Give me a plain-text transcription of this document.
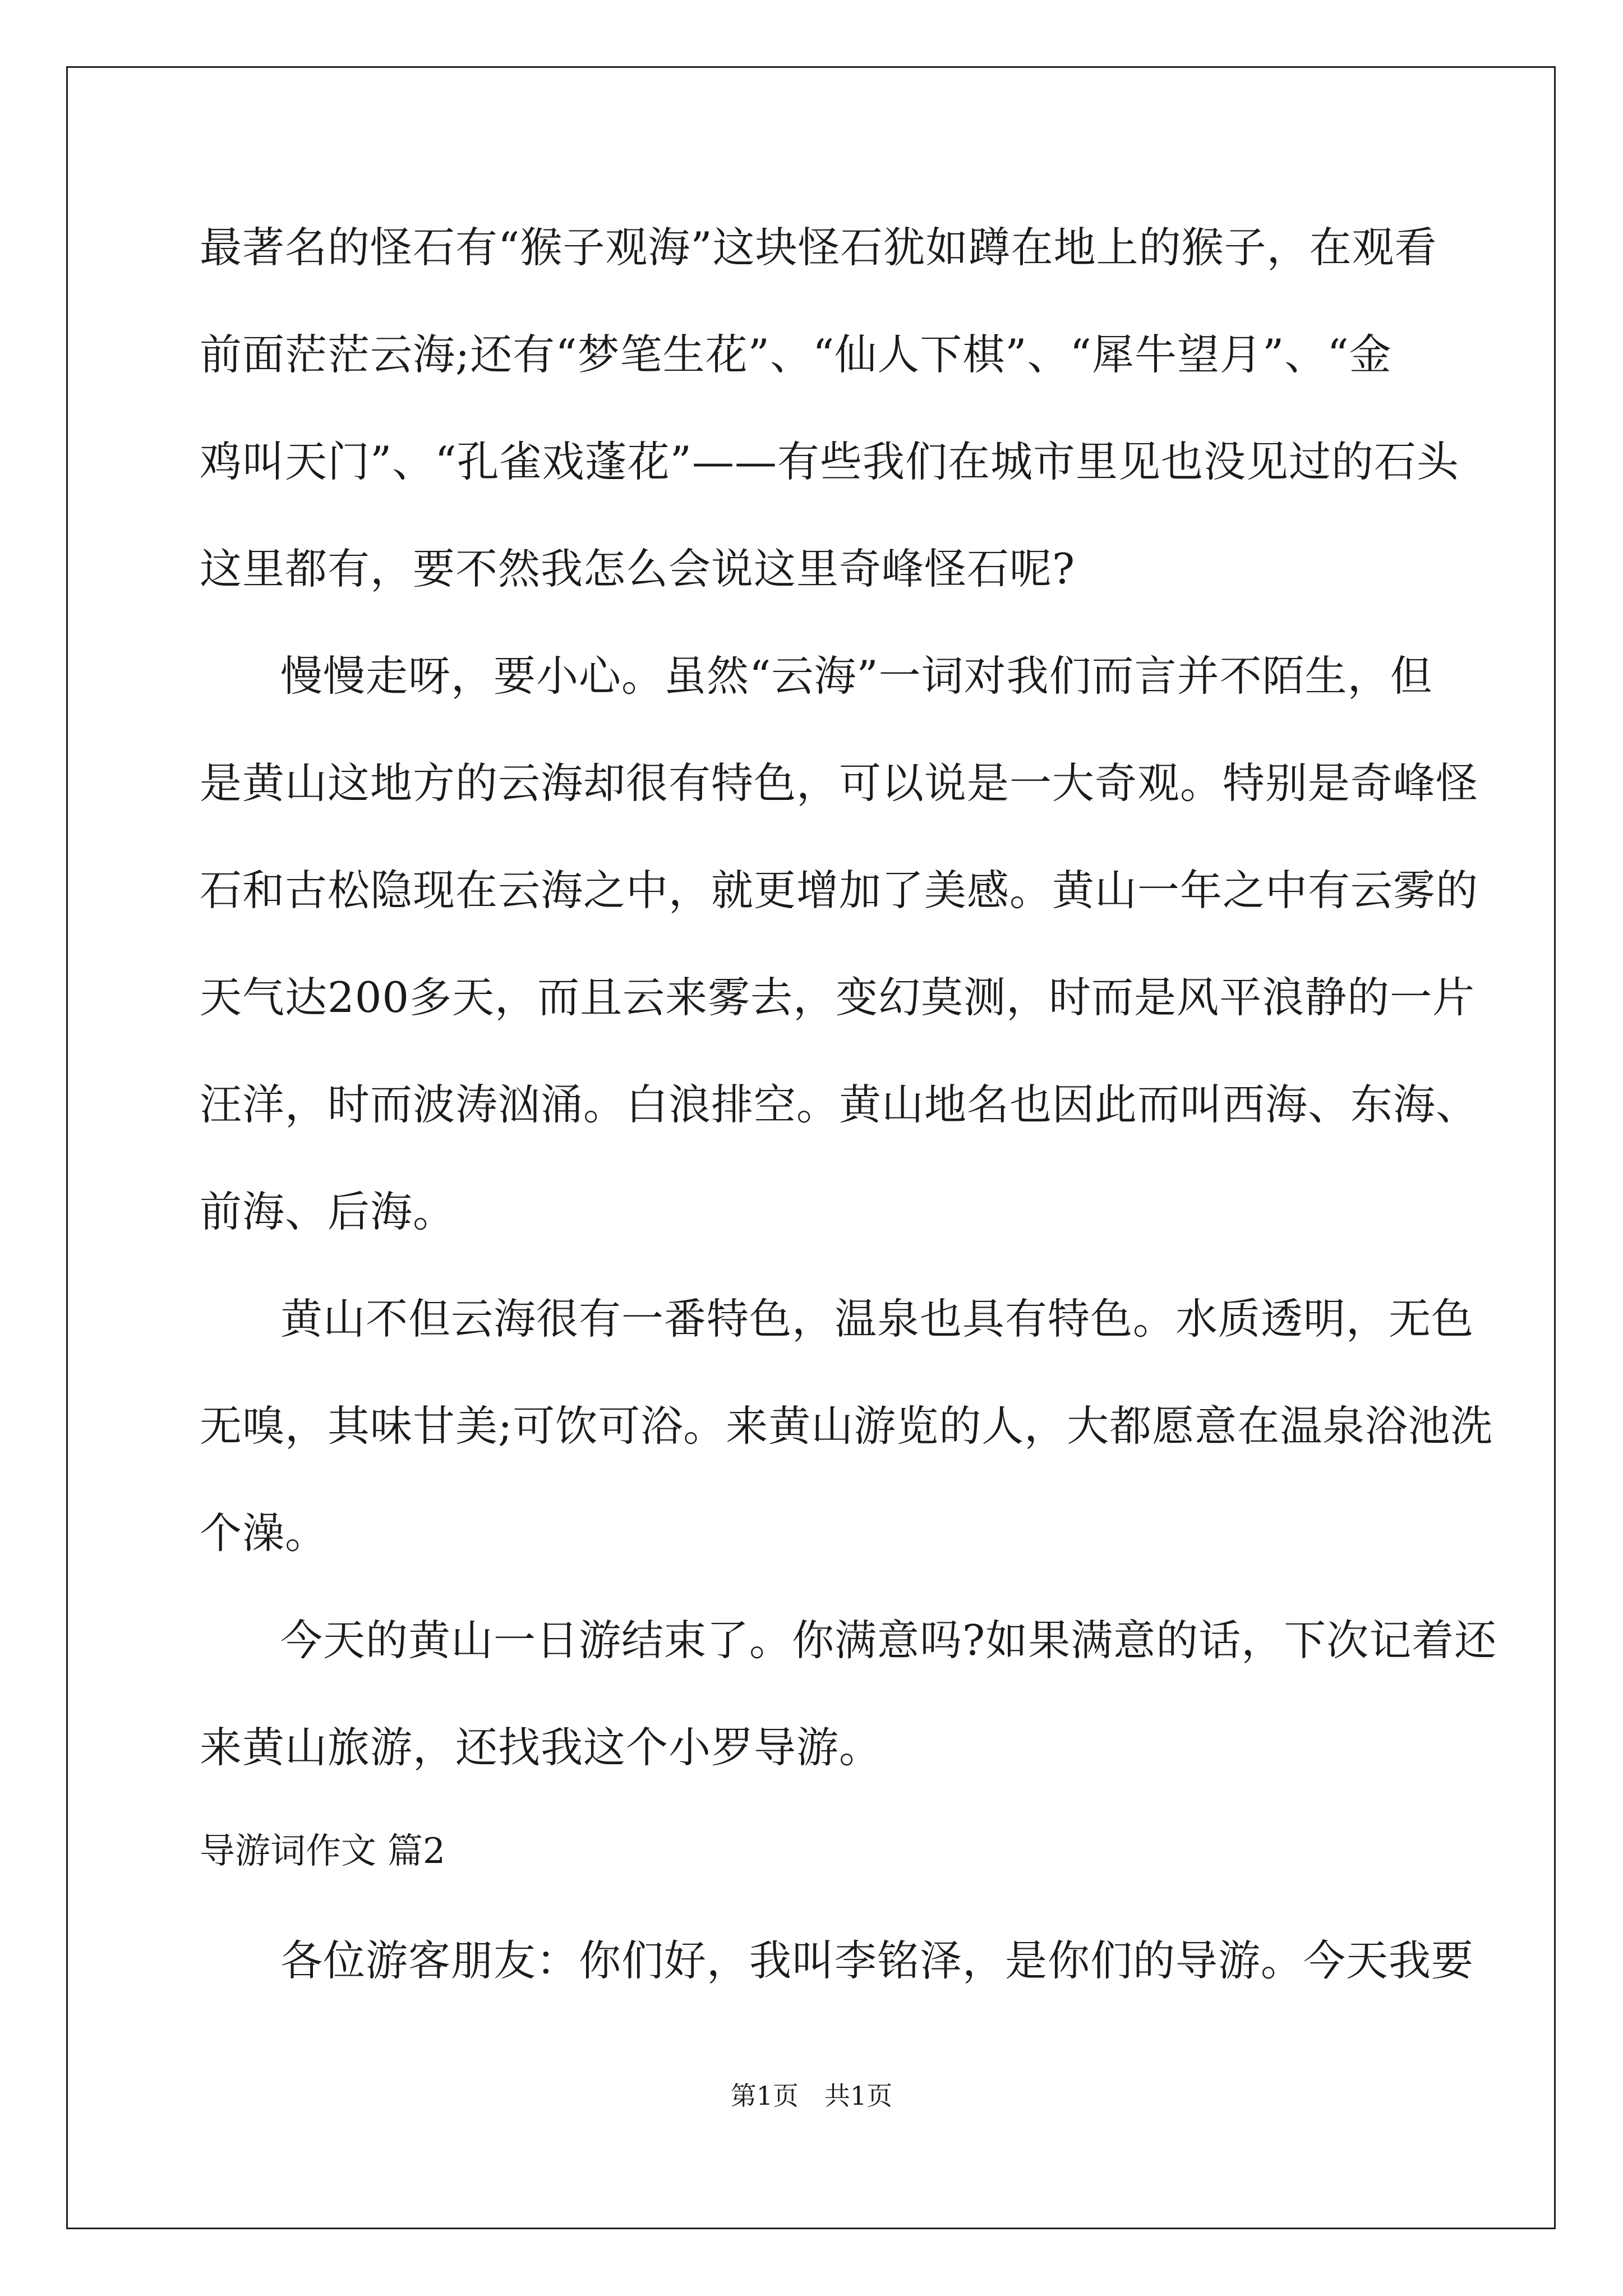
最著名的怪石有“猴子观海”这块怪石犹如蹲在地上的猴子，在观看
前面茫茫云海;还有“梦笔生花”、“仙人下棋”、“犀牛望月”、“金
鸡叫天门”、“孔雀戏蓬花”——有些我们在城市里见也没见过的石头
这里都有，要不然我怎么会说这里奇峰怪石呢?
慢慢走呀，要小心。虽然“云海”一词对我们而言并不陌生，但
是黄山这地方的云海却很有特色，可以说是一大奇观。特别是奇峰怪
石和古松隐现在云海之中，就更增加了美感。黄山一年之中有云雾的
天气达200多天，而且云来雾去，变幻莫测，时而是风平浪静的一片
汪洋，时而波涛汹涌。白浪排空。黄山地名也因此而叫西海、东海、
前海、后海。
黄山不但云海很有一番特色，温泉也具有特色。水质透明，无色
无嗅，其味甘美;可饮可浴。来黄山游览的人，大都愿意在温泉浴池洗
个澡。
今天的黄山一日游结束了。你满意吗?如果满意的话，下次记着还
来黄山旅游，还找我这个小罗导游。
导游词作文 篇2
各位游客朋友：你们好，我叫李铭泽，是你们的导游。今天我要
第1页　共1页
